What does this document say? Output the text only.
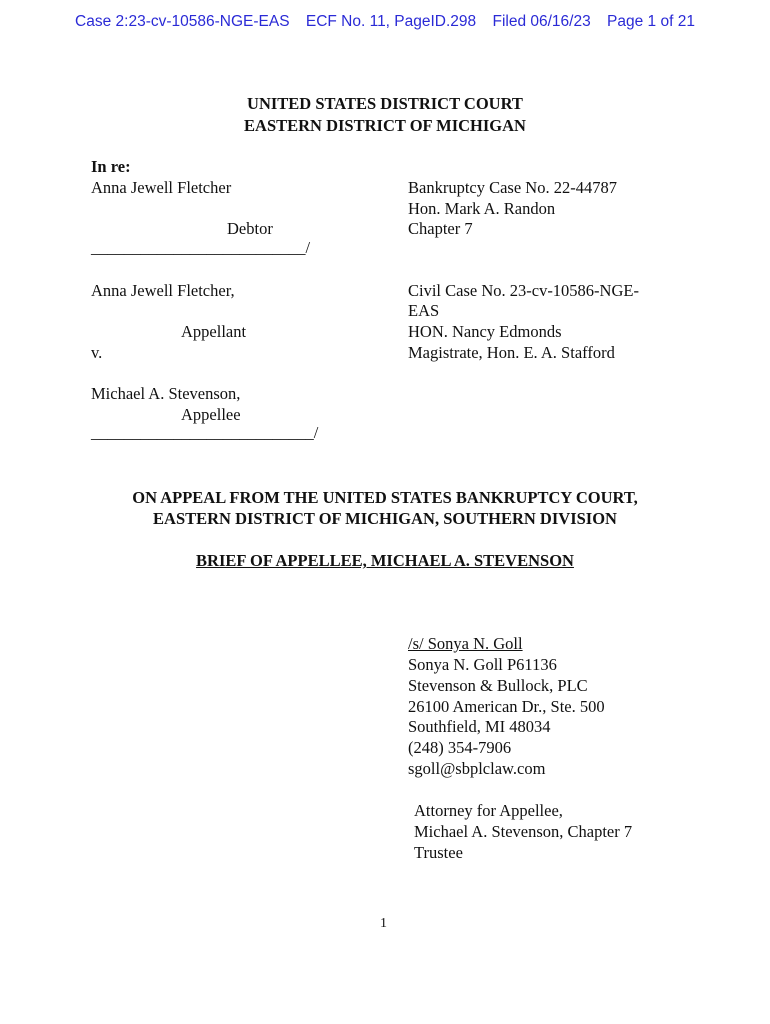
Case 2:23-cv-10586-NGE-EAS ECF No. 11, PageID.298 Filed 06/16/23 Page 1 of 21
UNITED STATES DISTRICT COURT
EASTERN DISTRICT OF MICHIGAN
In re:
Anna Jewell Fletcher
Debtor
__________________________/
Anna Jewell Fletcher,
Appellant
v.
Michael A. Stevenson,
Appellee
___________________________/
Bankruptcy Case No. 22-44787
Hon. Mark A. Randon
Chapter 7
Civil Case No. 23-cv-10586-NGE-
EAS
HON. Nancy Edmonds
Magistrate, Hon. E. A. Stafford
ON APPEAL FROM THE UNITED STATES BANKRUPTCY COURT,
EASTERN DISTRICT OF MICHIGAN, SOUTHERN DIVISION
BRIEF OF APPELLEE, MICHAEL A. STEVENSON
/s/ Sonya N. Goll
Sonya N. Goll P61136
Stevenson & Bullock, PLC
26100 American Dr., Ste. 500
Southfield, MI 48034
(248) 354-7906
sgoll@sbplclaw.com
Attorney for Appellee,
Michael A. Stevenson, Chapter 7
Trustee
1
